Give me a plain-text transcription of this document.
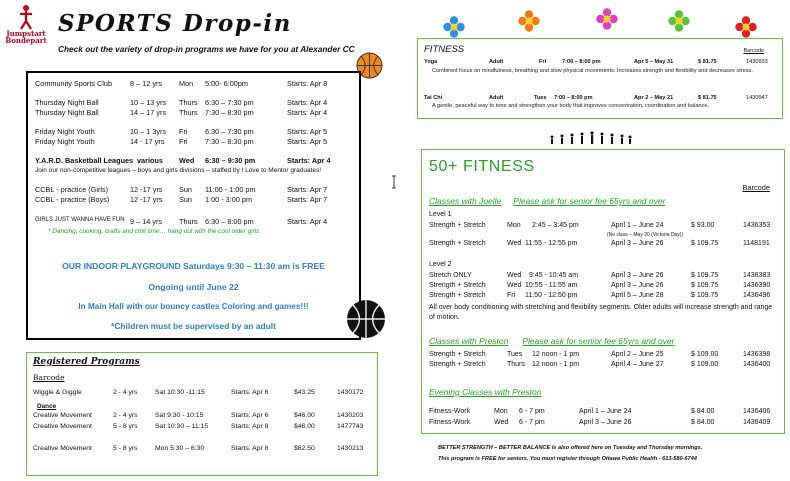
Jumpstart
Bondepart
SPORTS Drop-in
Check out the variety of drop-in programs we have for you at Alexander CC
Community Sports Club 8 – 12 yrs Mon 5:00- 6:00pm	Starts: Apr 8
Thursday Night Ball	10 – 13 yrs Thurs 6:30 – 7:30 pm	Starts: Apr 4
Thursday Night Ball	14 – 17 yrs Thurs 7:30 – 8:30 pm	Starts: Apr 4
Friday Night Youth	10 – 1 3yrs Fri 6:30 – 7:30 pm	Starts: Apr 5
Friday Night Youth	14 - 17 yrs Fri 7:30 – 8:30 pm	Starts: Apr 5
Y.A.R.D. Basketball Leagues various Wed 6:30 – 9:30 pm	Starts: Apr 4
Join our non-competitive leagues – boys and girls divisions – staffed by I Love to Mentor graduates!
CCBL - practice (Girls)	12 -17 yrs Sun 11:00 - 1:00 pm	Starts: Apr 7
CCBL - practice (Boys)	12 -17 yrs Sun 1:00 - 3:00 pm	Starts: Apr 7
GIRLS JUST WANNA HAVE FUN 9 – 14 yrs Thurs 6:30 – 8:00 pm	Starts: Apr 4
* Dancing, cooking, crafts and chill time… hang out with the cool older girls
OUR INDOOR PLAYGROUND Saturdays 9:30 – 11:30 am is FREE
Ongoing until June 22
In Main Hall with our bouncy castles Coloring and games!!!
*Children must be supervised by an adult
Registered Programs
Barcode
Wiggle & Giggle	2 - 4 yrs	Sat 10:30 -11:15	Starts: Apr 6	$43.25	1430172
Dance
Creative Movement	2 - 4 yrs	Sat 9:30 - 10:15	Starts: Apr 6	$46.00	1430203
Creative Movement	5 - 8 yrs	Sat 10:30 – 11:15	Starts: Apr 8	$46.00	1477743
Creative Movement	5 - 8 yrs	Mon 5:30 – 6:30	Starts: Apr 8	$62.50	1430213
FITNESS	Barcode
Yoga	Adult	Fri	7:00 – 8:00 pm	Apr 5 – May 31	$ 81.75	1430933
Combined focus on mindfulness, breathing and slow physical movements. Increases strength and flexibility and decreases stress.
Tai Chi	Adult	Tues 7:00 – 8:00 pm	Apr 2 – May 21	$ 81.75	1430947
A gentle, peaceful way to tone and strengthen your body that improves concentration, coordination and balance.
50+ FITNESS
Barcode
Classes with Joelle Please ask for senior fee 65yrs and over
Level 1
Strength + Stretch	Mon 2:45 – 3:45 pm	April 1 – June 24	$ 93.00	1436353
(No class – May 20 (Victoria Day))
Strength + Stretch	Wed 11:55 - 12:55 pm	April 3 – June 26	$ 109.75	1148191
Level 2
Stretch ONLY	Wed 9:45 - 10:45 am	April 3 – June 26	$ 109.75	1436383
Strength + Stretch	Wed 10:55 - 11:55 am	April 3 – June 26	$ 109.75	1436390
Strength + Stretch	Fri 11:50 - 12:50 pm	April 5 – June 28	$ 109.75	1436496
All over body conditioning with stretching and flexibility segments. Older adults will increase strength and range of motion.
Classes with Preston Please ask for senior fee 65yrs and over
Strength + Stretch	Tues 12 noon - 1 pm	April 2 – June 25	$ 109.00	1436398
Strength + Stretch	Thurs 12 noon - 1 pm	April 4 – June 27	$ 109.00	1436400
Evening Classes with Preston
Fitness-Work	Mon 6 - 7 pm	April 1 – June 24	$ 84.00	1436406
Fitness-Work	Wed 6 - 7 pm	April 3 – June 26	$ 84.00	1436409
BETTER STRENGTH – BETTER BALANCE is also offered here on Tuesday and Thursday mornings.
This program is FREE for seniors. You must register through Ottawa Public Health - 613-580-6744
